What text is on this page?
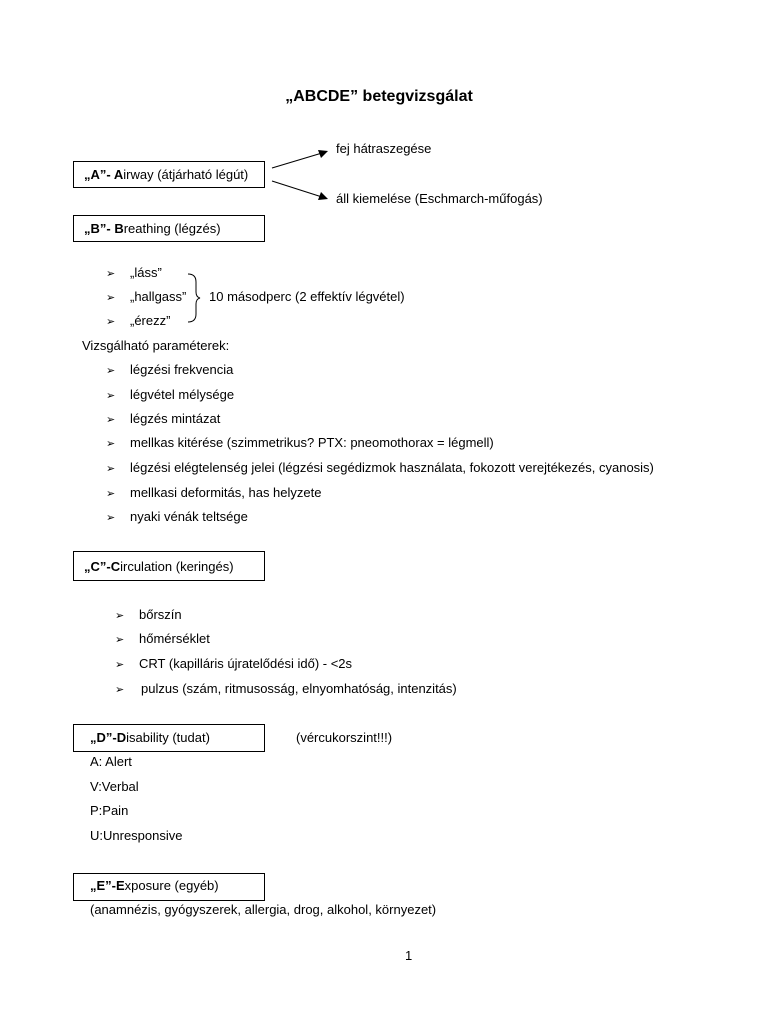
„ABCDE” betegvizsgálat
„A”- Airway (átjárható légút)
fej hátraszegése
áll kiemelése (Eschmarch-műfogás)
„B”- Breathing (légzés)
➢ „láss”
➢ „hallgass”
➢ „érezz”
10 másodperc (2 effektív légvétel)
Vizsgálható paraméterek:
➢ légzési frekvencia
➢ légvétel mélysége
➢ légzés mintázat
➢ mellkas kitérése (szimmetrikus? PTX: pneomothorax = légmell)
➢ légzési elégtelenség jelei (légzési segédizmok használata, fokozott verejtékezés, cyanosis)
➢ mellkasi deformitás, has helyzete
➢ nyaki vénák teltsége
„C”-Circulation (keringés)
➢ bőrszín
➢ hőmérséklet
➢ CRT (kapilláris újratelődési idő) - <2s
➢ pulzus (szám, ritmusosság, elnyomhatóság, intenzitás)
„D”-Disability (tudat)	(vércukorszint!!!)
A: Alert
V:Verbal
P:Pain
U:Unresponsive
„E”-Exposure (egyéb)
(anamnézis, gyógyszerek, allergia, drog, alkohol, környezet)
1
